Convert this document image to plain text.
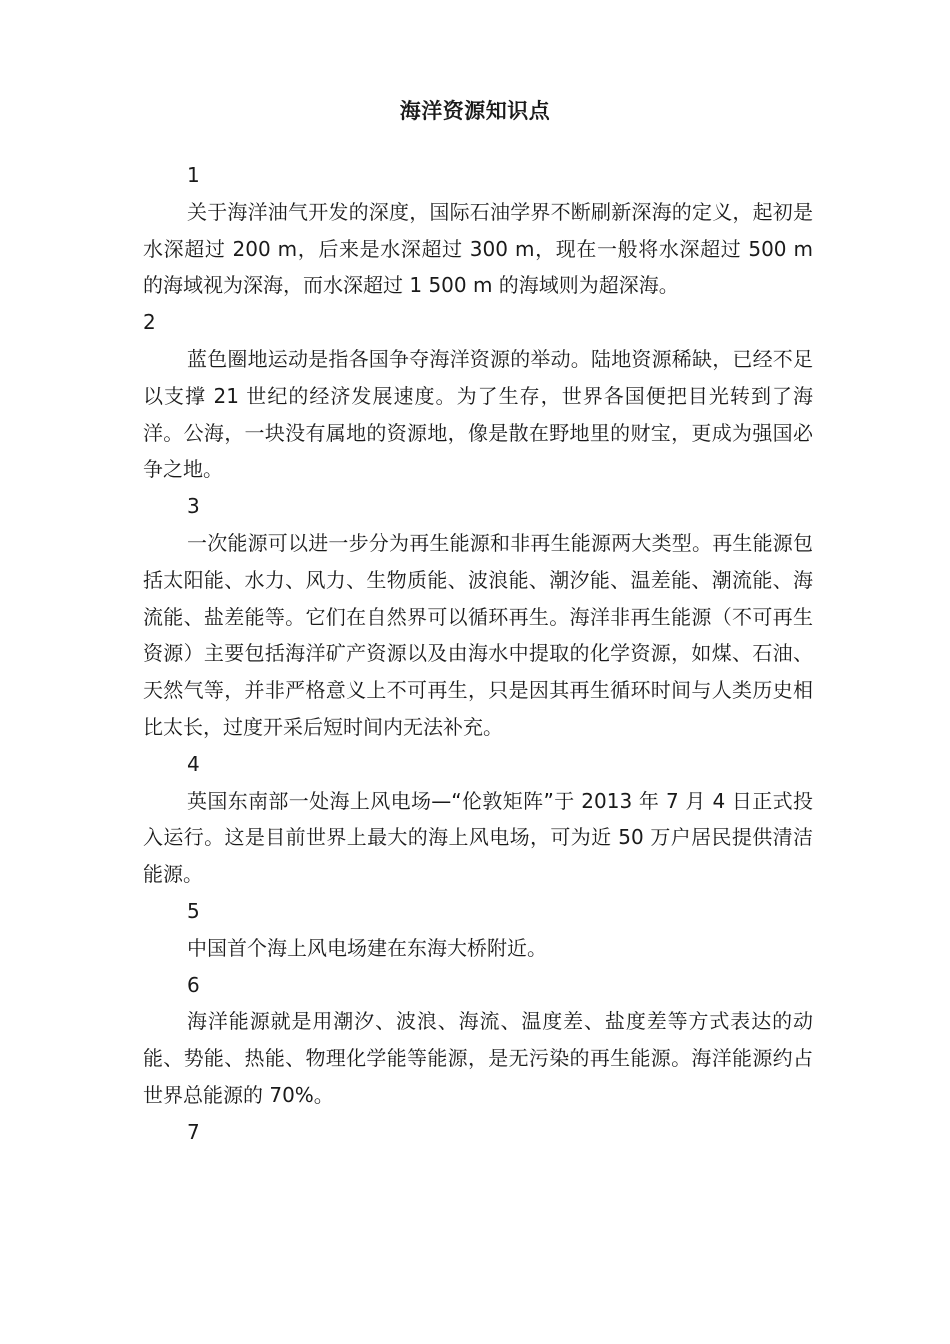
海洋资源知识点

1

关于海洋油气开发的深度，国际石油学界不断刷新深海的定义，起初是水深超过 200 m，后来是水深超过 300 m，现在一般将水深超过 500 m 的海域视为深海，而水深超过 1 500 m 的海域则为超深海。

2

蓝色圈地运动是指各国争夺海洋资源的举动。陆地资源稀缺，已经不足以支撑 21 世纪的经济发展速度。为了生存，世界各国便把目光转到了海洋。公海，一块没有属地的资源地，像是散在野地里的财宝，更成为强国必争之地。

3

一次能源可以进一步分为再生能源和非再生能源两大类型。再生能源包括太阳能、水力、风力、生物质能、波浪能、潮汐能、温差能、潮流能、海流能、盐差能等。它们在自然界可以循环再生。海洋非再生能源（不可再生资源）主要包括海洋矿产资源以及由海水中提取的化学资源，如煤、石油、天然气等，并非严格意义上不可再生，只是因其再生循环时间与人类历史相比太长，过度开采后短时间内无法补充。

4

英国东南部一处海上风电场—“伦敦矩阵”于 2013 年 7 月 4 日正式投入运行。这是目前世界上最大的海上风电场，可为近 50 万户居民提供清洁能源。

5

中国首个海上风电场建在东海大桥附近。

6

海洋能源就是用潮汐、波浪、海流、温度差、盐度差等方式表达的动能、势能、热能、物理化学能等能源，是无污染的再生能源。海洋能源约占世界总能源的 70%。

7
